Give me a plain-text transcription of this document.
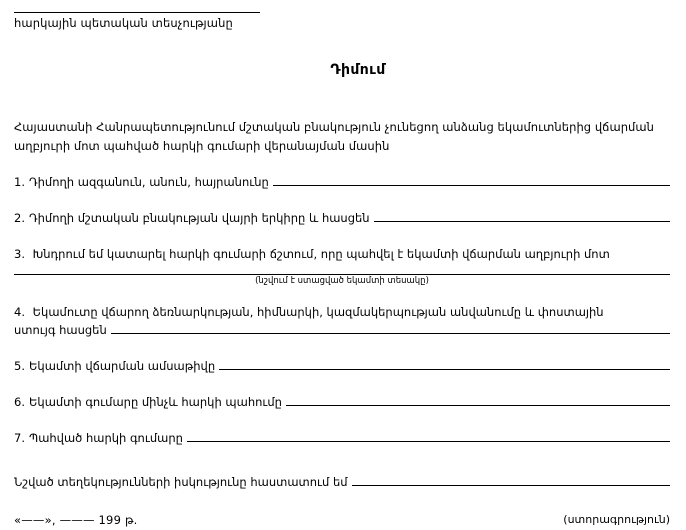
հարկային պետական տեսչությանը
Դիմում

Հայաստանի Հանրապետությունում մշտական բնակություն չունեցող անձանց եկամուտներից վճարման աղբյուրի մոտ պահված հարկի գումարի վերանայման մասին

1. Դիմողի ազգանուն, անուն, հայրանունը
2. Դիմողի մշտական բնակության վայրի երկիրը և հասցեն
3. Խնդրում եմ կատարել հարկի գումարի ճշտում, որը պահվել է եկամտի վճարման աղբյուրի մոտ
(նշվում է ստացված եկամտի տեսակը)
4. Եկամուտը վճարող ձեռնարկության, հիմնարկի, կազմակերպության անվանումը և փոստային
ստույգ հասցեն
5. Եկամտի վճարման ամսաթիվը
6. Եկամտի գումարը մինչև հարկի պահումը
7. Պահված հարկի գումարը
Նշված տեղեկությունների իսկությունը հաստատում եմ
«——», ——— 199 թ.	(ստորագրություն)
